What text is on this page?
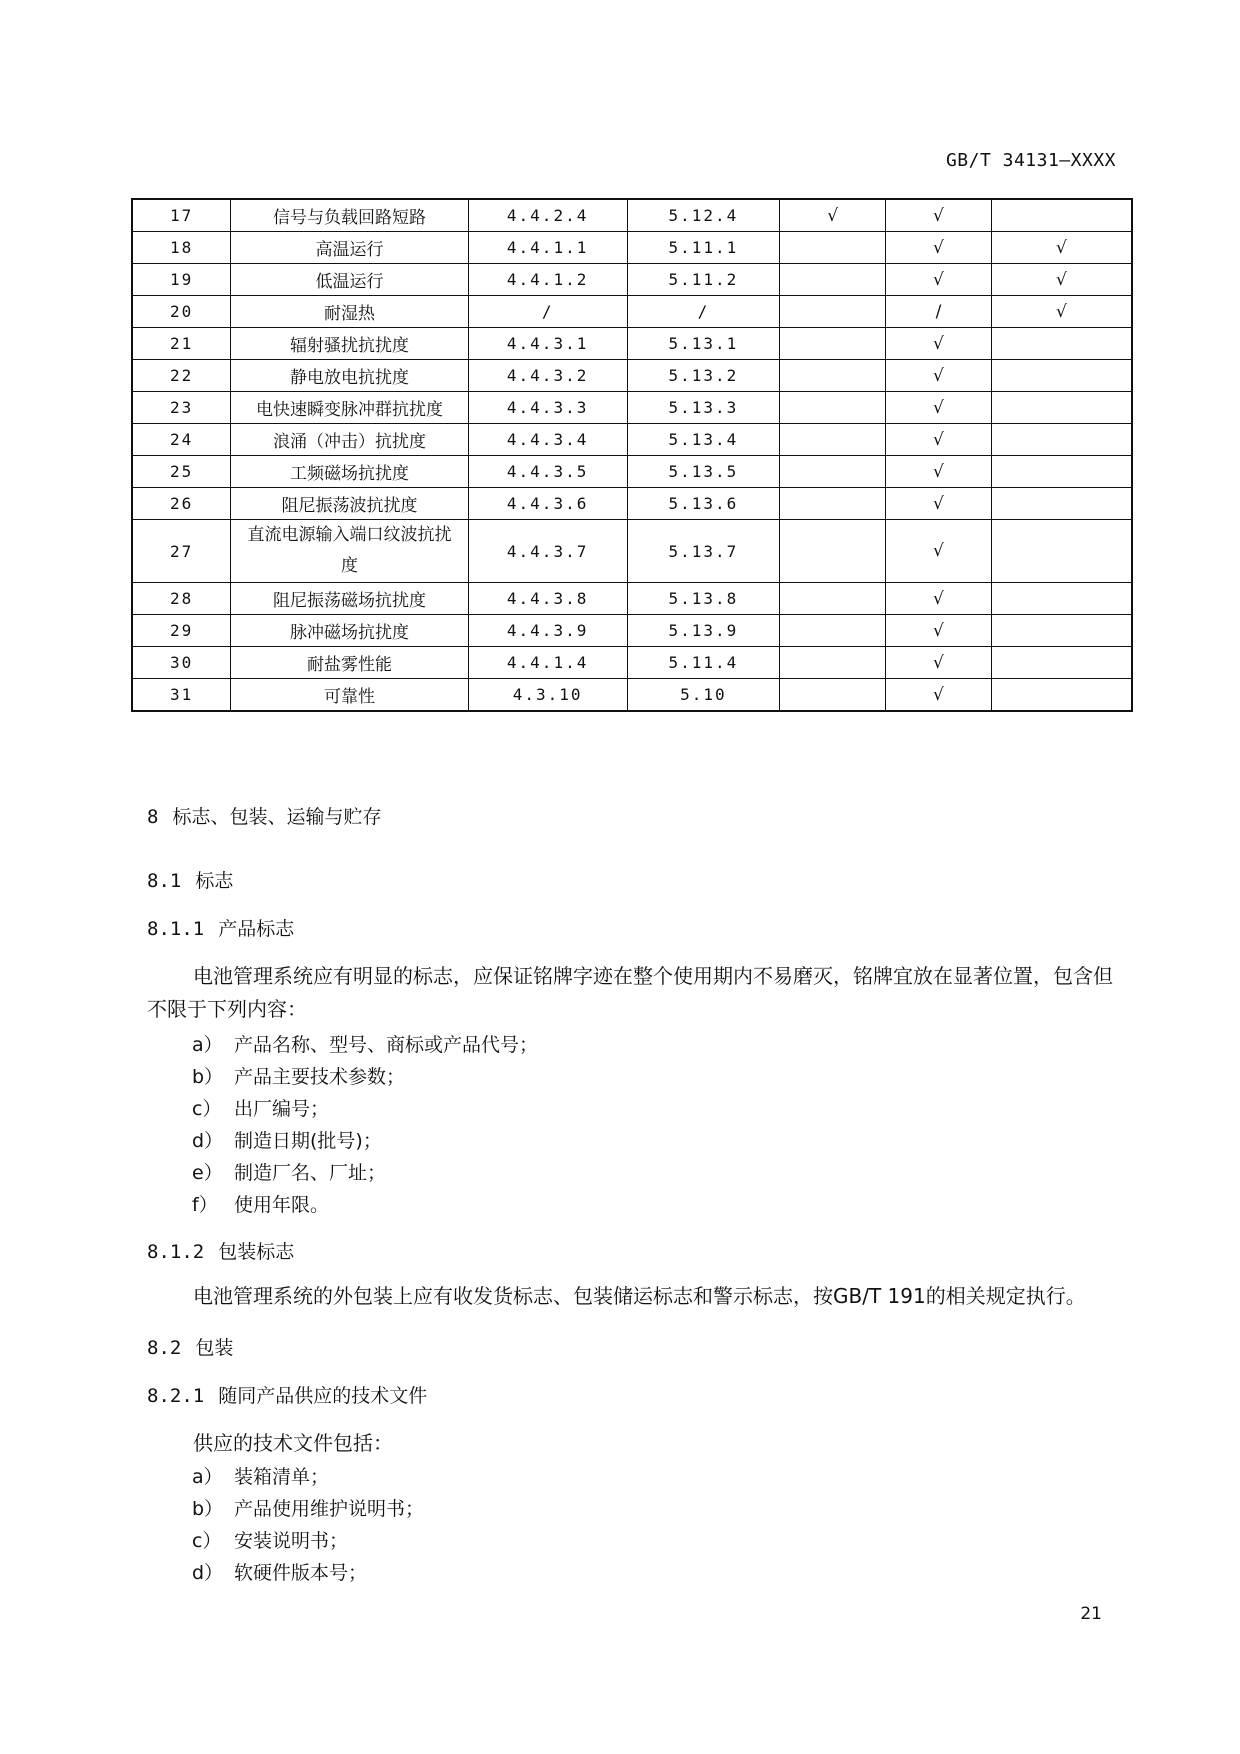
GB/T 34131—XXXX
17	信号与负载回路短路	4.4.2.4	5.12.4	√	√	
18	高温运行	4.4.1.1	5.11.1		√	√
19	低温运行	4.4.1.2	5.11.2		√	√
20	耐湿热	/	/		/	√
21	辐射骚扰抗扰度	4.4.3.1	5.13.1		√	
22	静电放电抗扰度	4.4.3.2	5.13.2		√	
23	电快速瞬变脉冲群抗扰度	4.4.3.3	5.13.3		√	
24	浪涌（冲击）抗扰度	4.4.3.4	5.13.4		√	
25	工频磁场抗扰度	4.4.3.5	5.13.5		√	
26	阻尼振荡波抗扰度	4.4.3.6	5.13.6		√	
27	直流电源输入端口纹波抗扰度	4.4.3.7	5.13.7		√	
28	阻尼振荡磁场抗扰度	4.4.3.8	5.13.8		√	
29	脉冲磁场抗扰度	4.4.3.9	5.13.9		√	
30	耐盐雾性能	4.4.1.4	5.11.4		√	
31	可靠性	4.3.10	5.10		√	
8 标志、包装、运输与贮存
8.1 标志
8.1.1 产品标志
电池管理系统应有明显的标志，应保证铭牌字迹在整个使用期内不易磨灭，铭牌宜放在显著位置，包含但不限于下列内容：
a） 产品名称、型号、商标或产品代号；
b） 产品主要技术参数；
c） 出厂编号；
d） 制造日期(批号)；
e） 制造厂名、厂址；
f） 使用年限。
8.1.2 包装标志
电池管理系统的外包装上应有收发货标志、包装储运标志和警示标志，按GB/T 191的相关规定执行。
8.2 包装
8.2.1 随同产品供应的技术文件
供应的技术文件包括：
a） 装箱清单；
b） 产品使用维护说明书；
c） 安装说明书；
d） 软硬件版本号；
21
